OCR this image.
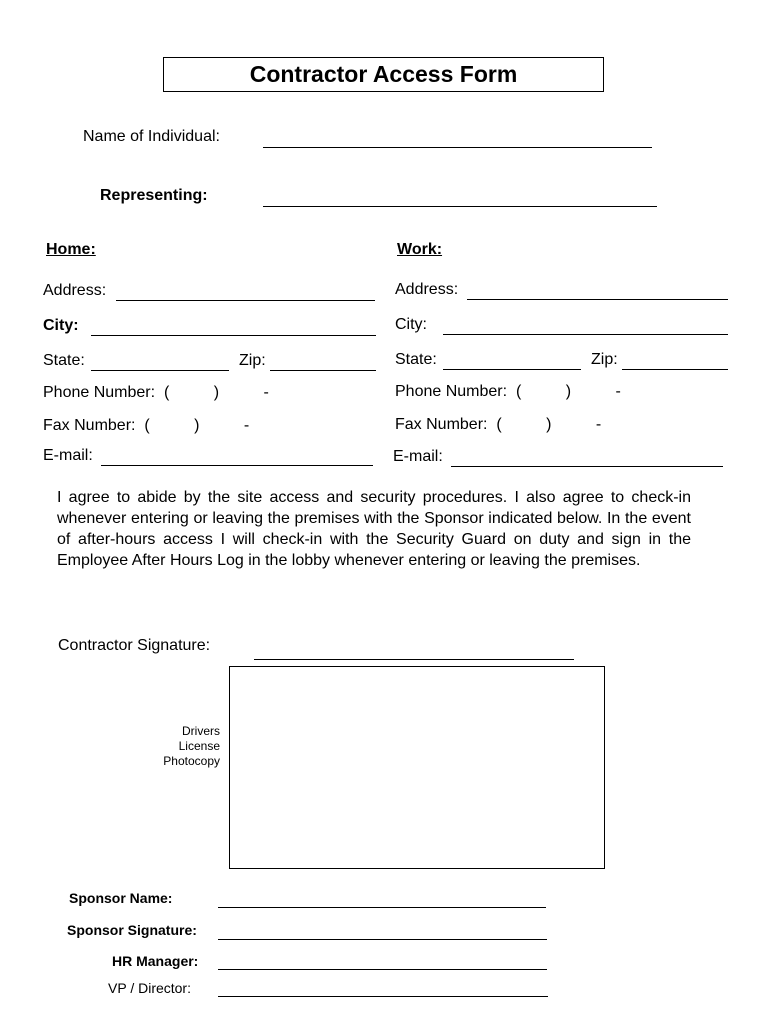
Contractor Access Form
Name of Individual:
Representing:
Home:	Work:
Address:
City:
State:	Zip:
Phone Number:  (          )          -
Fax Number:  (          )          -
E-mail:
Address:
City:
State:	Zip:
Phone Number:  (          )          -
Fax Number:  (          )          -
E-mail:
I agree to abide by the site access and security procedures. I also agree to check-in whenever entering or leaving the premises with the Sponsor indicated below. In the event of after-hours access I will check-in with the Security Guard on duty and sign in the Employee After Hours Log in the lobby whenever entering or leaving the premises.
Contractor Signature:
Drivers
License
Photocopy
Sponsor Name:
Sponsor Signature:
HR Manager:
VP / Director:
